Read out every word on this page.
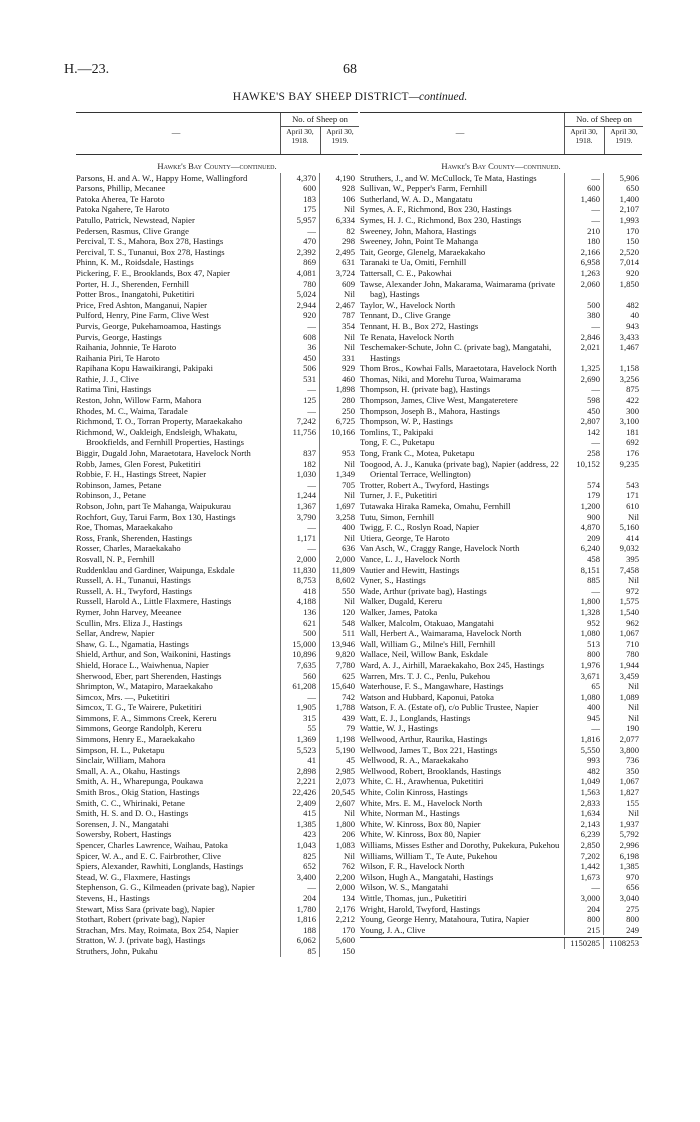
H.—23.	68
HAWKE'S BAY SHEEP DISTRICT—continued.
—
No. of Sheep on
April 30, 1918.
April 30, 1919.
Hawke's Bay County—continued.
Parsons, H. and A. W., Happy Home, Wallingford	4,370	4,190
Parsons, Phillip, Mecanee	600	928
Patoka Aherea, Te Haroto	183	106
Patoka Ngahere, Te Haroto	175	Nil
Patullo, Patrick, Newstead, Napier	5,957	6,334
Pedersen, Rasmus, Clive Grange	—	82
Percival, T. S., Mahora, Box 278, Hastings	470	298
Percival, T. S., Tunanui, Box 278, Hastings	2,392	2,495
Phinn, K. M., Roidsdale, Hastings	869	631
Pickering, F. E., Brooklands, Box 47, Napier	4,081	3,724
Porter, H. J., Sherenden, Fernhill	780	609
Potter Bros., Inangatohi, Puketitiri	5,024	Nil
Price, Fred Ashton, Manganui, Napier	2,944	2,467
Pulford, Henry, Pine Farm, Clive West	920	787
Purvis, George, Pukehamoamoa, Hastings	—	354
Purvis, George, Hastings	608	Nil
Raihania, Johnnie, Te Haroto	36	Nil
Raihania Piri, Te Haroto	450	331
Rapihana Kopu Hawaikirangi, Pakipaki	506	929
Rathie, J. J., Clive	531	460
Ratima Tini, Hastings	—	1,898
Reston, John, Willow Farm, Mahora	125	280
Rhodes, M. C., Waima, Taradale	—	250
Richmond, T. O., Torran Property, Maraekakaho	7,242	6,725
Richmond, W., Oakleigh, Endsleigh, Whakatu, Brookfields, and Fernhill Properties, Hastings
11,756	10,166
Biggir, Dugald John, Maraetotara, Havelock North	837	953
Robb, James, Glen Forest, Puketitiri	182	Nil
Robbie, F. H., Hastings Street, Napier	1,030	1,349
Robinson, James, Petane	—	705
Robinson, J., Petane	1,244	Nil
Robson, John, part Te Mahanga, Waipukurau	1,367	1,697
Rochfort, Guy, Tarui Farm, Box 130, Hastings	3,790	3,258
Roe, Thomas, Maraekakaho	—	400
Ross, Frank, Sherenden, Hastings	1,171	Nil
Rosser, Charles, Maraekakaho	—	636
Rosvall, N. P., Fernhill	2,000	2,000
Ruddenklau and Gardiner, Waipunga, Eskdale	11,830	11,809
Russell, A. H., Tunanui, Hastings	8,753	8,602
Russell, A. H., Twyford, Hastings	418	550
Russell, Harold A., Little Flaxmere, Hastings	4,188	Nil
Rymer, John Harvey, Meeanee	136	120
Scullin, Mrs. Eliza J., Hastings	621	548
Sellar, Andrew, Napier	500	511
Shaw, G. L., Ngamatia, Hastings	15,000	13,946
Shield, Arthur, and Son, Waikonini, Hastings	10,896	9,820
Shield, Horace L., Waiwhenua, Napier	7,635	7,780
Sherwood, Eber, part Sherenden, Hastings	560	625
Shrimpton, W., Matapiro, Maraekakaho	61,208	15,640
Simcox, Mrs. —, Puketitiri	—	742
Simcox, T. G., Te Wairere, Puketitiri	1,905	1,788
Simmons, F. A., Simmons Creek, Kereru	315	439
Simmons, George Randolph, Kereru	55	79
Simmons, Henry E., Maraekakaho	1,369	1,198
Simpson, H. L., Puketapu	5,523	5,190
Sinclair, William, Mahora	41	45
Small, A. A., Okahu, Hastings	2,898	2,985
Smith, A. H., Wharepunga, Poukawa	2,221	2,073
Smith Bros., Okig Station, Hastings	22,426	20,545
Smith, C. C., Whirinaki, Petane	2,409	2,607
Smith, H. S. and D. O., Hastings	415	Nil
Sorensen, J. N., Mangatahi	1,385	1,800
Sowersby, Robert, Hastings	423	206
Spencer, Charles Lawrence, Waihau, Patoka	1,043	1,083
Spicer, W. A., and E. C. Fairbrother, Clive	825	Nil
Spiers, Alexander, Rawhiti, Longlands, Hastings	652	762
Stead, W. G., Flaxmere, Hastings	3,400	2,200
Stephenson, G. G., Kilmeaden (private bag), Napier	—	2,000
Stevens, H., Hastings	204	134
Stewart, Miss Sara (private bag), Napier	1,780	2,176
Stothart, Robert (private bag), Napier	1,816	2,212
Strachan, Mrs. May, Roimata, Box 254, Napier	188	170
Stratton, W. J. (private bag), Hastings	6,062	5,600
Struthers, John, Pukahu	85	150
—
No. of Sheep on
April 30, 1918.
April 30, 1919.
Hawke's Bay County—continued.
Struthers, J., and W. McCullock, Te Mata, Hastings	—	5,906
Sullivan, W., Pepper's Farm, Fernhill	600	650
Sutherland, W. A. D., Mangatatu	1,460	1,400
Symes, A. F., Richmond, Box 230, Hastings	—	2,107
Symes, H. J. C., Richmond, Box 230, Hastings	—	1,993
Sweeney, John, Mahora, Hastings	210	170
Sweeney, John, Point Te Mahanga	180	150
Tait, George, Glenelg, Maraekakaho	2,166	2,520
Taranaki te Ua, Omiti, Fernhill	6,958	7,014
Tattersall, C. E., Pakowhai	1,263	920
Tawse, Alexander John, Makarama, Waimarama (private bag), Hastings
2,060	1,850
Taylor, W., Havelock North	500	482
Tennant, D., Clive Grange	380	40
Tennant, H. B., Box 272, Hastings	—	943
Te Renata, Havelock North	2,846	3,433
Teschemaker-Schute, John C. (private bag), Mangatahi, Hastings
2,021	1,467
Thom Bros., Kowhai Falls, Maraetotara, Havelock North	1,325	1,158
Thomas, Niki, and Morehu Turoa, Waimarama	2,690	3,256
Thompson, H. (private bag), Hastings	—	875
Thompson, James, Clive West, Mangateretere	598	422
Thompson, Joseph B., Mahora, Hastings	450	300
Thompson, W. P., Hastings	2,807	3,100
Tomlins, T., Pakipaki	142	181
Tong, F. C., Puketapu	—	692
Tong, Frank C., Motea, Puketapu	258	176
Toogood, A. J., Kanuka (private bag), Napier (address, 22 Oriental Terrace, Wellington)
10,152	9,235
Trotter, Robert A., Twyford, Hastings	574	543
Turner, J. F., Puketitiri	179	171
Tutawaka Hiraka Rameka, Omahu, Fernhill	1,200	610
Tutu, Simon, Fernhill	900	Nil
Twigg, F. C., Roslyn Road, Napier	4,870	5,160
Utiera, George, Te Haroto	209	414
Van Asch, W., Craggy Range, Havelock North	6,240	9,032
Vance, L. J., Havelock North	458	395
Vautier and Hewitt, Hastings	8,151	7,458
Vyner, S., Hastings	885	Nil
Wade, Arthur (private bag), Hastings	—	972
Walker, Dugald, Kereru	1,800	1,575
Walker, James, Patoka	1,328	1,540
Walker, Malcolm, Otakuao, Mangatahi	952	962
Wall, Herbert A., Waimarama, Havelock North	1,080	1,067
Wall, William G., Milne's Hill, Fernhill	513	710
Wallace, Neil, Willow Bank, Eskdale	800	780
Ward, A. J., Airhill, Maraekakaho, Box 245, Hastings	1,976	1,944
Warren, Mrs. T. J. C., Penlu, Pukehou	3,671	3,459
Waterhouse, F. S., Mangawhare, Hastings	65	Nil
Watson and Hubbard, Kaponui, Patoka	1,080	1,089
Watson, F. A. (Estate of), c/o Public Trustee, Napier	400	Nil
Watt, E. J., Longlands, Hastings	945	Nil
Wattie, W. J., Hastings	—	190
Wellwood, Arthur, Raurika, Hastings	1,816	2,077
Wellwood, James T., Box 221, Hastings	5,550	3,800
Wellwood, R. A., Maraekakaho	993	736
Wellwood, Robert, Brooklands, Hastings	482	350
White, C. H., Arawhenua, Puketitiri	1,049	1,067
White, Colin Kinross, Hastings	1,563	1,827
White, Mrs. E. M., Havelock North	2,833	155
White, Norman M., Hastings	1,634	Nil
White, W. Kinross, Box 80, Napier	2,143	1,937
White, W. Kinross, Box 80, Napier	6,239	5,792
Williams, Misses Esther and Dorothy, Pukekura, Pukehou	2,850	2,996
Williams, William T., Te Aute, Pukehou	7,202	6,198
Wilson, F. R., Havelock North	1,442	1,385
Wilson, Hugh A., Mangatahi, Hastings	1,673	970
Wilson, W. S., Mangatahi	—	656
Wittle, Thomas, jun., Puketitiri	3,000	3,040
Wright, Harold, Twyford, Hastings	204	275
Young, George Henry, Matahoura, Tutira, Napier	800	800
Young, J. A., Clive	215	249
1150285	1108253
